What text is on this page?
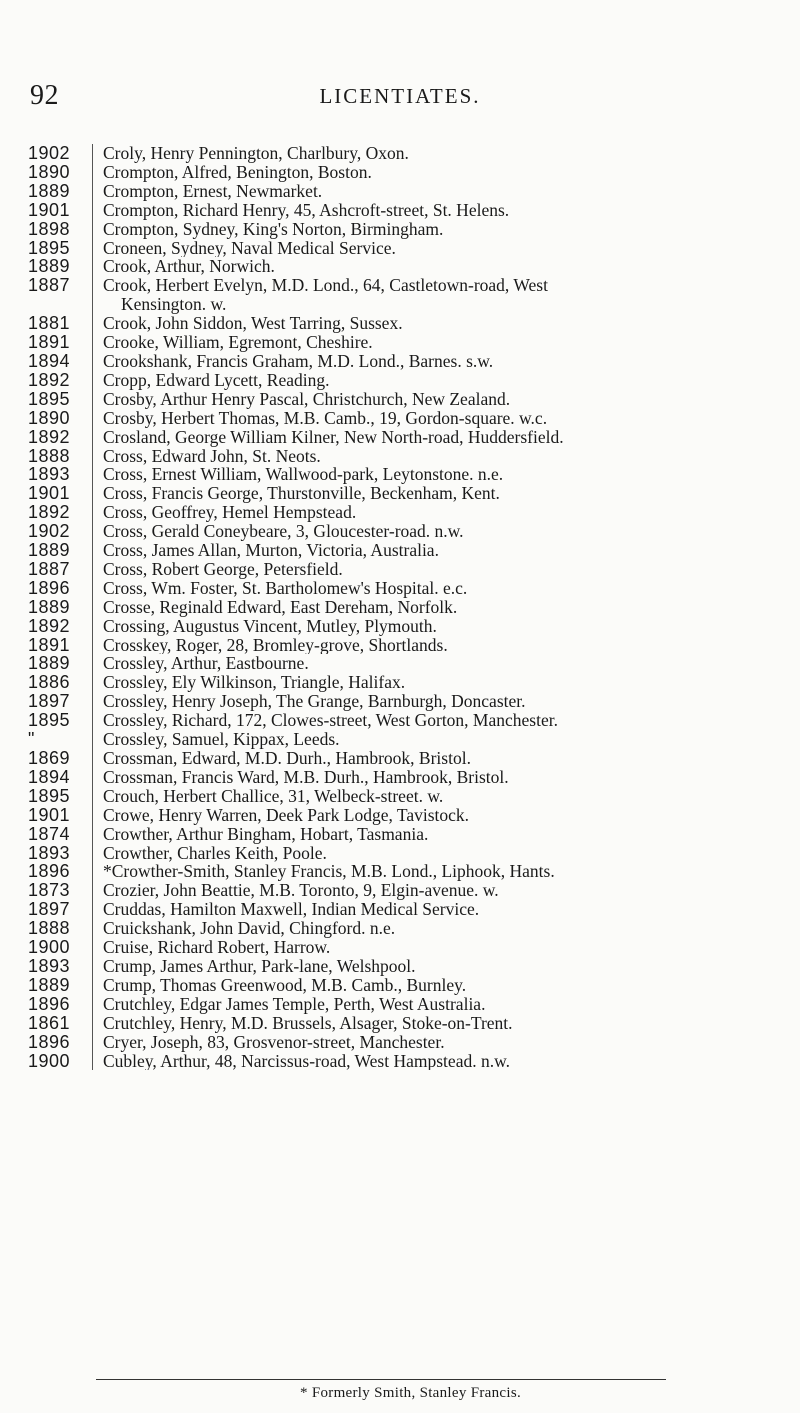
92	LICENTIATES.
1902	Croly, Henry Pennington, Charlbury, Oxon.
1890	Crompton, Alfred, Benington, Boston.
1889	Crompton, Ernest, Newmarket.
1901	Crompton, Richard Henry, 45, Ashcroft-street, St. Helens.
1898	Crompton, Sydney, King's Norton, Birmingham.
1895	Croneen, Sydney, Naval Medical Service.
1889	Crook, Arthur, Norwich.
1887	Crook, Herbert Evelyn, M.D. Lond., 64, Castletown-road, West
Kensington. w.
1881	Crook, John Siddon, West Tarring, Sussex.
1891	Crooke, William, Egremont, Cheshire.
1894	Crookshank, Francis Graham, M.D. Lond., Barnes. s.w.
1892	Cropp, Edward Lycett, Reading.
1895	Crosby, Arthur Henry Pascal, Christchurch, New Zealand.
1890	Crosby, Herbert Thomas, M.B. Camb., 19, Gordon-square. w.c.
1892	Crosland, George William Kilner, New North-road, Huddersfield.
1888	Cross, Edward John, St. Neots.
1893	Cross, Ernest William, Wallwood-park, Leytonstone. n.e.
1901	Cross, Francis George, Thurstonville, Beckenham, Kent.
1892	Cross, Geoffrey, Hemel Hempstead.
1902	Cross, Gerald Coneybeare, 3, Gloucester-road. n.w.
1889	Cross, James Allan, Murton, Victoria, Australia.
1887	Cross, Robert George, Petersfield.
1896	Cross, Wm. Foster, St. Bartholomew's Hospital. e.c.
1889	Crosse, Reginald Edward, East Dereham, Norfolk.
1892	Crossing, Augustus Vincent, Mutley, Plymouth.
1891	Crosskey, Roger, 28, Bromley-grove, Shortlands.
1889	Crossley, Arthur, Eastbourne.
1886	Crossley, Ely Wilkinson, Triangle, Halifax.
1897	Crossley, Henry Joseph, The Grange, Barnburgh, Doncaster.
1895	Crossley, Richard, 172, Clowes-street, West Gorton, Manchester.
"	Crossley, Samuel, Kippax, Leeds.
1869	Crossman, Edward, M.D. Durh., Hambrook, Bristol.
1894	Crossman, Francis Ward, M.B. Durh., Hambrook, Bristol.
1895	Crouch, Herbert Challice, 31, Welbeck-street. w.
1901	Crowe, Henry Warren, Deek Park Lodge, Tavistock.
1874	Crowther, Arthur Bingham, Hobart, Tasmania.
1893	Crowther, Charles Keith, Poole.
1896	*Crowther-Smith, Stanley Francis, M.B. Lond., Liphook, Hants.
1873	Crozier, John Beattie, M.B. Toronto, 9, Elgin-avenue. w.
1897	Cruddas, Hamilton Maxwell, Indian Medical Service.
1888	Cruickshank, John David, Chingford. n.e.
1900	Cruise, Richard Robert, Harrow.
1893	Crump, James Arthur, Park-lane, Welshpool.
1889	Crump, Thomas Greenwood, M.B. Camb., Burnley.
1896	Crutchley, Edgar James Temple, Perth, West Australia.
1861	Crutchley, Henry, M.D. Brussels, Alsager, Stoke-on-Trent.
1896	Cryer, Joseph, 83, Grosvenor-street, Manchester.
1900	Cubley, Arthur, 48, Narcissus-road, West Hampstead. n.w.
* Formerly Smith, Stanley Francis.
